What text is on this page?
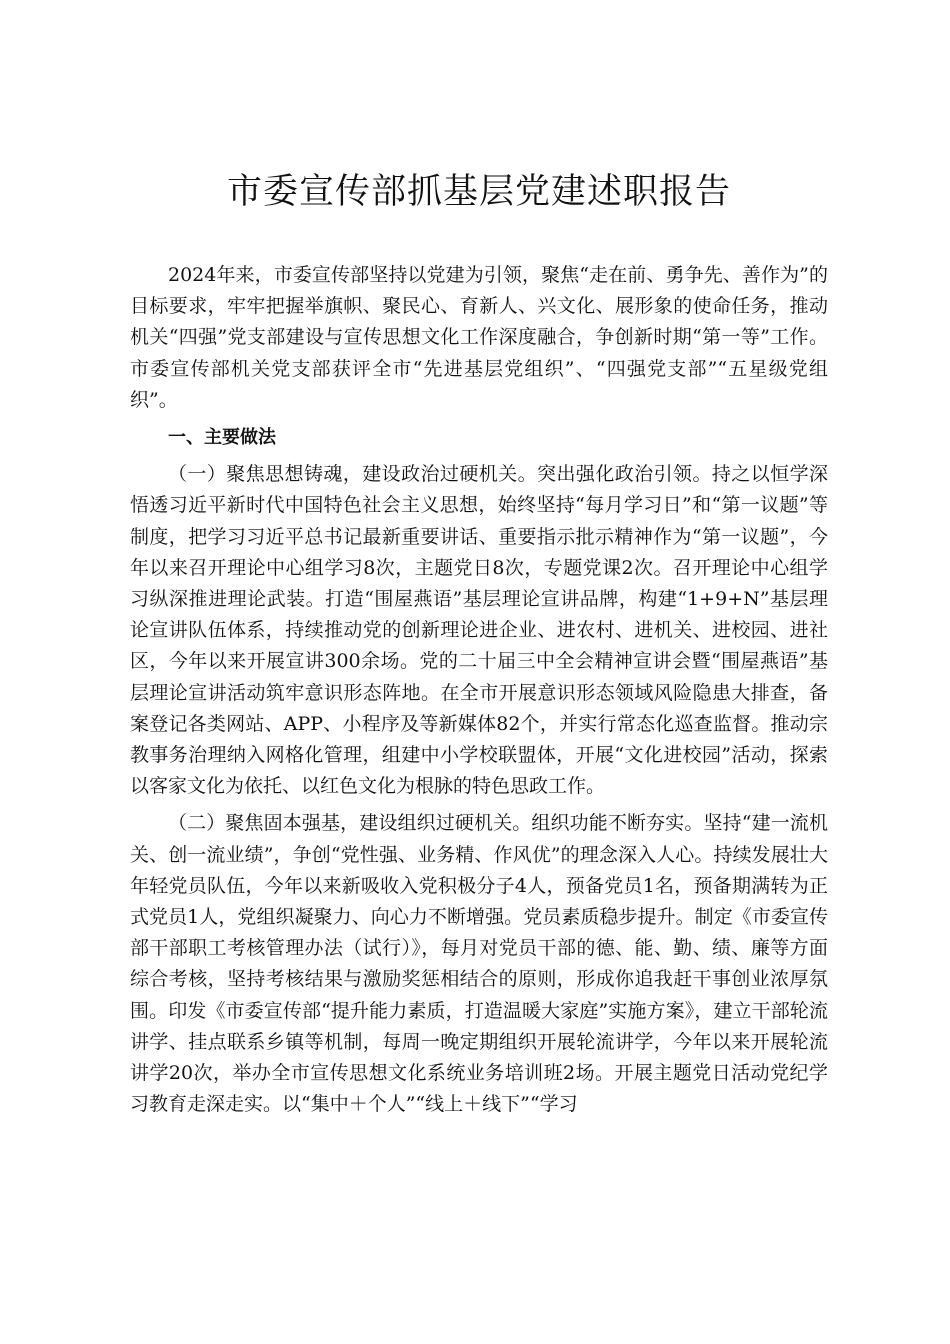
市委宣传部抓基层党建述职报告

2024年来，市委宣传部坚持以党建为引领，聚焦“走在前、勇争先、善作为”的目标要求，牢牢把握举旗帜、聚民心、育新人、兴文化、展形象的使命任务，推动机关“四强”党支部建设与宣传思想文化工作深度融合，争创新时期“第一等”工作。市委宣传部机关党支部获评全市“先进基层党组织”、“四强党支部”“五星级党组织”。

一、主要做法

（一）聚焦思想铸魂，建设政治过硬机关。突出强化政治引领。持之以恒学深悟透习近平新时代中国特色社会主义思想，始终坚持“每月学习日”和“第一议题”等制度，把学习习近平总书记最新重要讲话、重要指示批示精神作为“第一议题”，今年以来召开理论中心组学习8次，主题党日8次，专题党课2次。召开理论中心组学习纵深推进理论武装。打造“围屋燕语”基层理论宣讲品牌，构建“1+9+N”基层理论宣讲队伍体系，持续推动党的创新理论进企业、进农村、进机关、进校园、进社区，今年以来开展宣讲300余场。党的二十届三中全会精神宣讲会暨“围屋燕语”基层理论宣讲活动筑牢意识形态阵地。在全市开展意识形态领域风险隐患大排查，备案登记各类网站、APP、小程序及等新媒体82个，并实行常态化巡查监督。推动宗教事务治理纳入网格化管理，组建中小学校联盟体，开展“文化进校园”活动，探索以客家文化为依托、以红色文化为根脉的特色思政工作。

（二）聚焦固本强基，建设组织过硬机关。组织功能不断夯实。坚持“建一流机关、创一流业绩”，争创“党性强、业务精、作风优”的理念深入人心。持续发展壮大年轻党员队伍，今年以来新吸收入党积极分子4人，预备党员1名，预备期满转为正式党员1人，党组织凝聚力、向心力不断增强。党员素质稳步提升。制定《市委宣传部干部职工考核管理办法（试行）》，每月对党员干部的德、能、勤、绩、廉等方面综合考核，坚持考核结果与激励奖惩相结合的原则，形成你追我赶干事创业浓厚氛围。印发《市委宣传部“提升能力素质，打造温暖大家庭”实施方案》，建立干部轮流讲学、挂点联系乡镇等机制，每周一晚定期组织开展轮流讲学，今年以来开展轮流讲学20次，举办全市宣传思想文化系统业务培训班2场。开展主题党日活动党纪学习教育走深走实。以“集中＋个人”“线上＋线下”“学习
